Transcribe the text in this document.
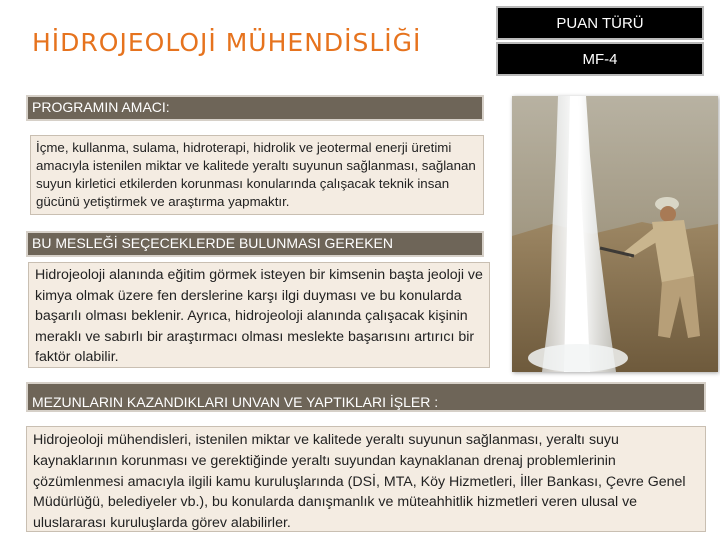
HİDROJEOLOJİ MÜHENDİSLİĞİ
PUAN TÜRÜ
MF-4
PROGRAMIN AMACI:
İçme, kullanma, sulama, hidroterapi, hidrolik ve jeotermal enerji üretimi amacıyla istenilen miktar ve kalitede yeraltı suyunun sağlanması, sağlanan suyun kirletici etkilerden korunması konularında çalışacak teknik insan gücünü yetiştirmek ve araştırma yapmaktır.
BU MESLEĞİ SEÇECEKLERDE BULUNMASI GEREKEN
Hidrojeoloji alanında eğitim görmek isteyen bir kimsenin başta jeoloji ve kimya olmak üzere fen derslerine karşı ilgi duyması ve bu konularda başarılı olması beklenir. Ayrıca, hidrojeoloji alanında çalışacak kişinin meraklı ve sabırlı bir araştırmacı olması meslekte başarısını artırıcı bir faktör olabilir.
MEZUNLARIN KAZANDIKLARI UNVAN VE YAPTIKLARI İŞLER :
Hidrojeoloji mühendisleri, istenilen miktar ve kalitede yeraltı suyunun sağlanması, yeraltı suyu kaynaklarının korunması ve gerektiğinde yeraltı suyundan kaynaklanan drenaj problemlerinin çözümlenmesi amacıyla ilgili kamu kuruluşlarında (DSİ, MTA, Köy Hizmetleri, İller Bankası, Çevre Genel Müdürlüğü, belediyeler vb.), bu konularda danışmanlık ve müteahhitlik hizmetleri veren ulusal ve uluslararası kuruluşlarda görev alabilirler.
